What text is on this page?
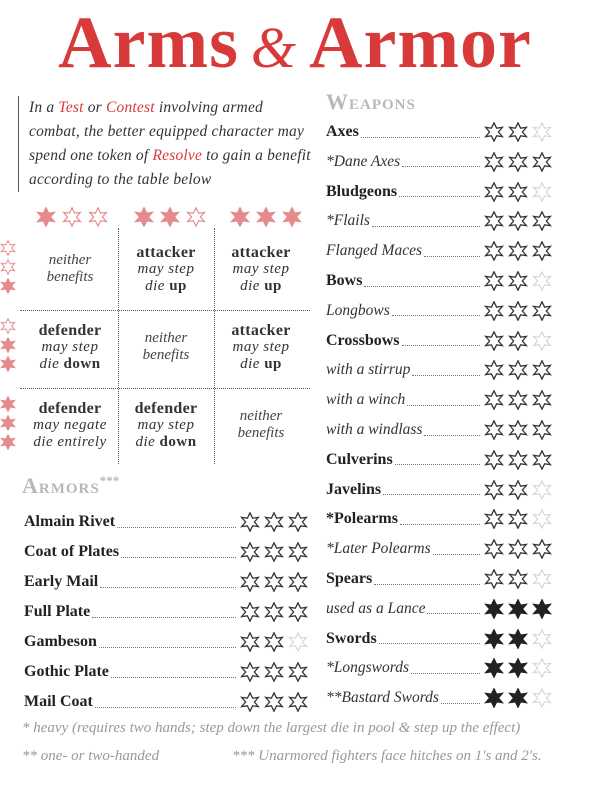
Arms & Armor
In a Test or Contest involving armed combat, the better equipped character may spend one token of Resolve to gain a benefit according to the table below
Weapons
neither benefits
attacker
may step
die up
attacker
may step
die up
defender
may step
die down
neither benefits
attacker
may step
die up
defender
may negate
die entirely
defender
may step
die down
neither benefits
Armors***
Almain Rivet
Coat of Plates
Early Mail
Full Plate
Gambeson
Gothic Plate
Mail Coat
Axes
*Dane Axes
Bludgeons
*Flails
Flanged Maces
Bows
Longbows
Crossbows
with a stirrup
with a winch
with a windlass
Culverins
Javelins
*Polearms
*Later Polearms
Spears
used as a Lance
Swords
*Longswords
**Bastard Swords
* heavy (requires two hands; step down the largest die in pool & step up the effect)
** one- or two-handed	*** Unarmored fighters face hitches on 1's and 2's.
